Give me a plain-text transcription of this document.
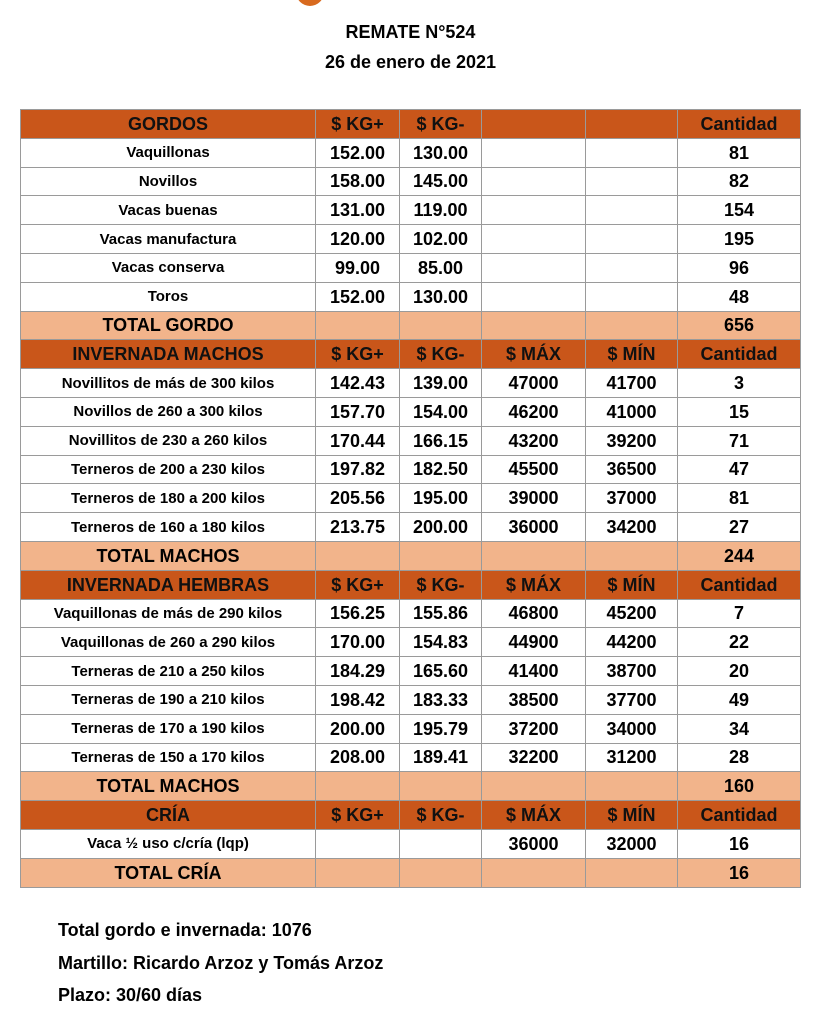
REMATE N°524
26 de enero de 2021
GORDOS	$ KG+	$ KG-			Cantidad
Vaquillonas	152.00	130.00			81
Novillos	158.00	145.00			82
Vacas buenas	131.00	119.00			154
Vacas manufactura	120.00	102.00			195
Vacas conserva	99.00	85.00			96
Toros	152.00	130.00			48
TOTAL GORDO					656
INVERNADA MACHOS	$ KG+	$ KG-	$ MÁX	$ MÍN	Cantidad
Novillitos de más de 300 kilos	142.43	139.00	47000	41700	3
Novillos de 260 a 300 kilos	157.70	154.00	46200	41000	15
Novillitos de 230 a 260 kilos	170.44	166.15	43200	39200	71
Terneros de 200 a 230 kilos	197.82	182.50	45500	36500	47
Terneros de 180 a 200 kilos	205.56	195.00	39000	37000	81
Terneros de 160 a 180 kilos	213.75	200.00	36000	34200	27
TOTAL MACHOS					244
INVERNADA HEMBRAS	$ KG+	$ KG-	$ MÁX	$ MÍN	Cantidad
Vaquillonas de más de 290 kilos	156.25	155.86	46800	45200	7
Vaquillonas de 260 a 290 kilos	170.00	154.83	44900	44200	22
Terneras de 210 a 250 kilos	184.29	165.60	41400	38700	20
Terneras de 190 a 210 kilos	198.42	183.33	38500	37700	49
Terneras de 170 a 190 kilos	200.00	195.79	37200	34000	34
Terneras de 150 a 170 kilos	208.00	189.41	32200	31200	28
TOTAL MACHOS					160
CRÍA	$ KG+	$ KG-	$ MÁX	$ MÍN	Cantidad
Vaca ½ uso c/cría (lqp)			36000	32000	16
TOTAL CRÍA					16
Total gordo e invernada: 1076
Martillo: Ricardo Arzoz y Tomás Arzoz
Plazo: 30/60 días
